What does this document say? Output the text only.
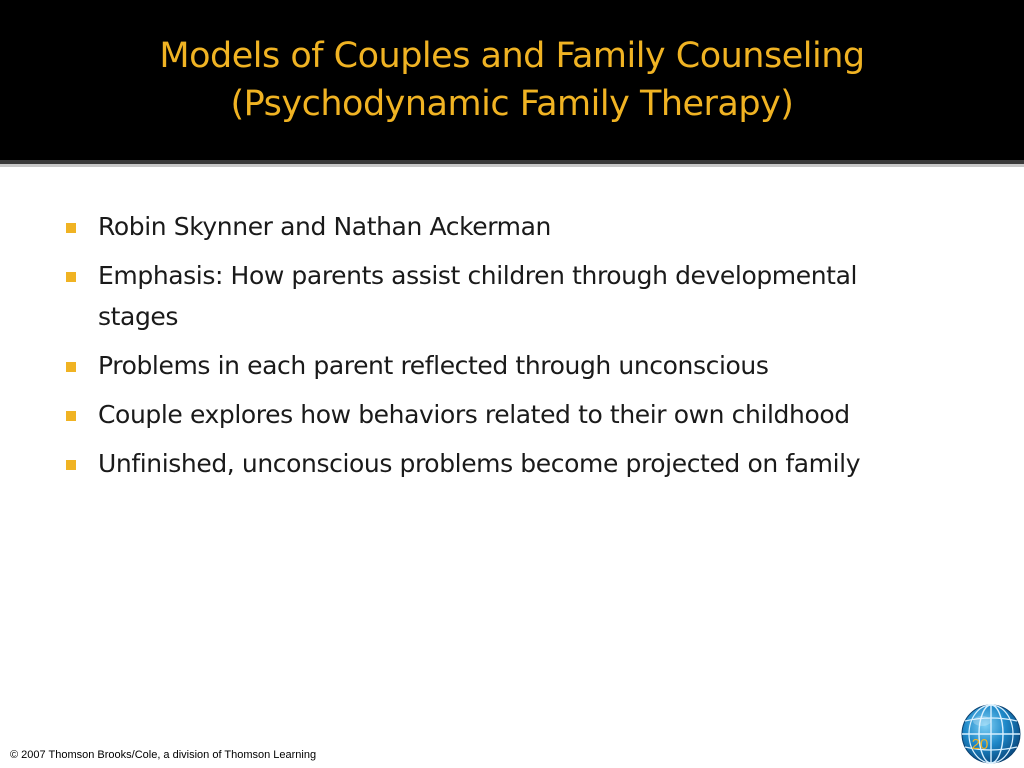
Models of Couples and Family Counseling
(Psychodynamic Family Therapy)
Robin Skynner and Nathan Ackerman
Emphasis: How parents assist children through developmental stages
Problems in each parent reflected through unconscious
Couple explores how behaviors related to their own childhood
Unfinished, unconscious problems become projected on family
© 2007 Thomson Brooks/Cole, a division of Thomson Learning
20
